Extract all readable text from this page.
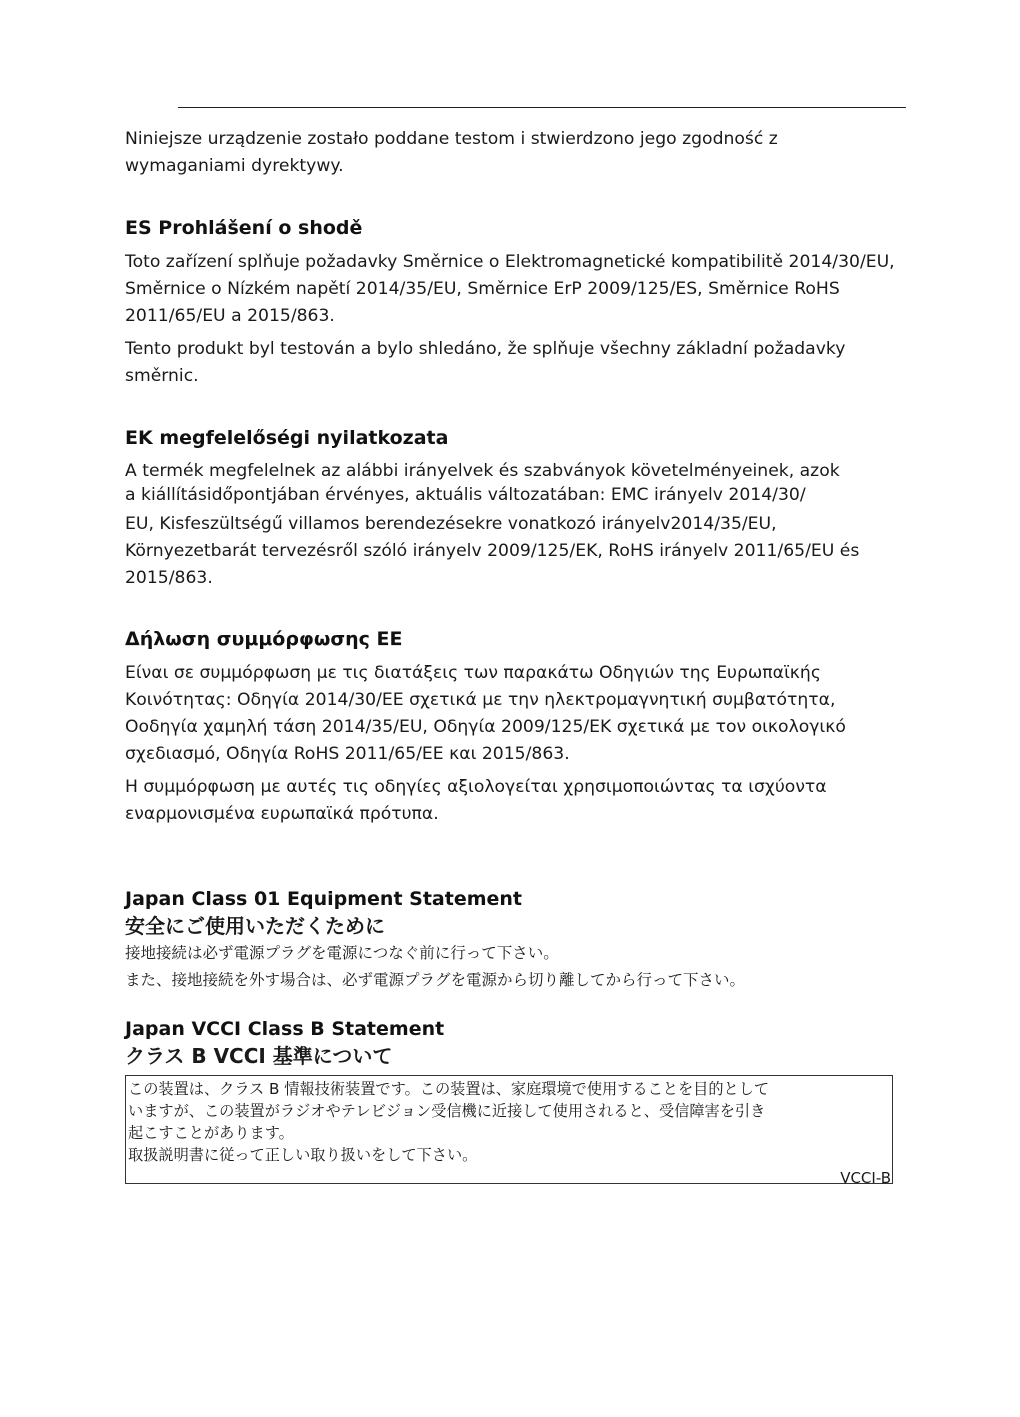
Niniejsze urządzenie zostało poddane testom i stwierdzono jego zgodność z wymaganiami dyrektywy.

ES Prohlášení o shodě

Toto zařízení splňuje požadavky Směrnice o Elektromagnetické kompatibilitě 2014/30/EU, Směrnice o Nízkém napětí 2014/35/EU, Směrnice ErP 2009/125/ES, Směrnice RoHS 2011/65/EU a 2015/863.

Tento produkt byl testován a bylo shledáno, že splňuje všechny základní požadavky směrnic.

EK megfelelőségi nyilatkozata

A termék megfelelnek az alábbi irányelvek és szabványok követelményeinek, azok

a kiállításidőpontjában érvényes, aktuális változatában: EMC irányelv 2014/30/

EU, Kisfeszültségű villamos berendezésekre vonatkozó irányelv2014/35/EU, Környezetbarát tervezésről szóló irányelv 2009/125/EK, RoHS irányelv 2011/65/EU és 2015/863.

Δήλωση συμμόρφωσης ΕΕ

Είναι σε συμμόρφωση με τις διατάξεις των παρακάτω Οδηγιών της Ευρωπαϊκής Κοινότητας: Οδηγία 2014/30/ΕΕ σχετικά με την ηλεκτρομαγνητική συμβατότητα, Οοδηγία χαμηλή τάση 2014/35/EU, Οδηγία 2009/125/ΕΚ σχετικά με τον οικολογικό σχεδιασμό, Οδηγία RoHS 2011/65/ΕΕ και 2015/863.

Η συμμόρφωση με αυτές τις οδηγίες αξιολογείται χρησιμοποιώντας τα ισχύοντα εναρμονισμένα ευρωπαϊκά πρότυπα.

Japan Class 01 Equipment Statement

安全にご使用いただくために

接地接続は必ず電源プラグを電源につなぐ前に行って下さい。

また、接地接続を外す場合は、必ず電源プラグを電源から切り離してから行って下さい。

Japan VCCI Class B Statement

クラス B VCCI 基準について

この装置は、クラス B 情報技術装置です。この装置は、家庭環境で使用することを目的として

いますが、この装置がラジオやテレビジョン受信機に近接して使用されると、受信障害を引き

起こすことがあります。

取扱説明書に従って正しい取り扱いをして下さい。

VCCI-B
